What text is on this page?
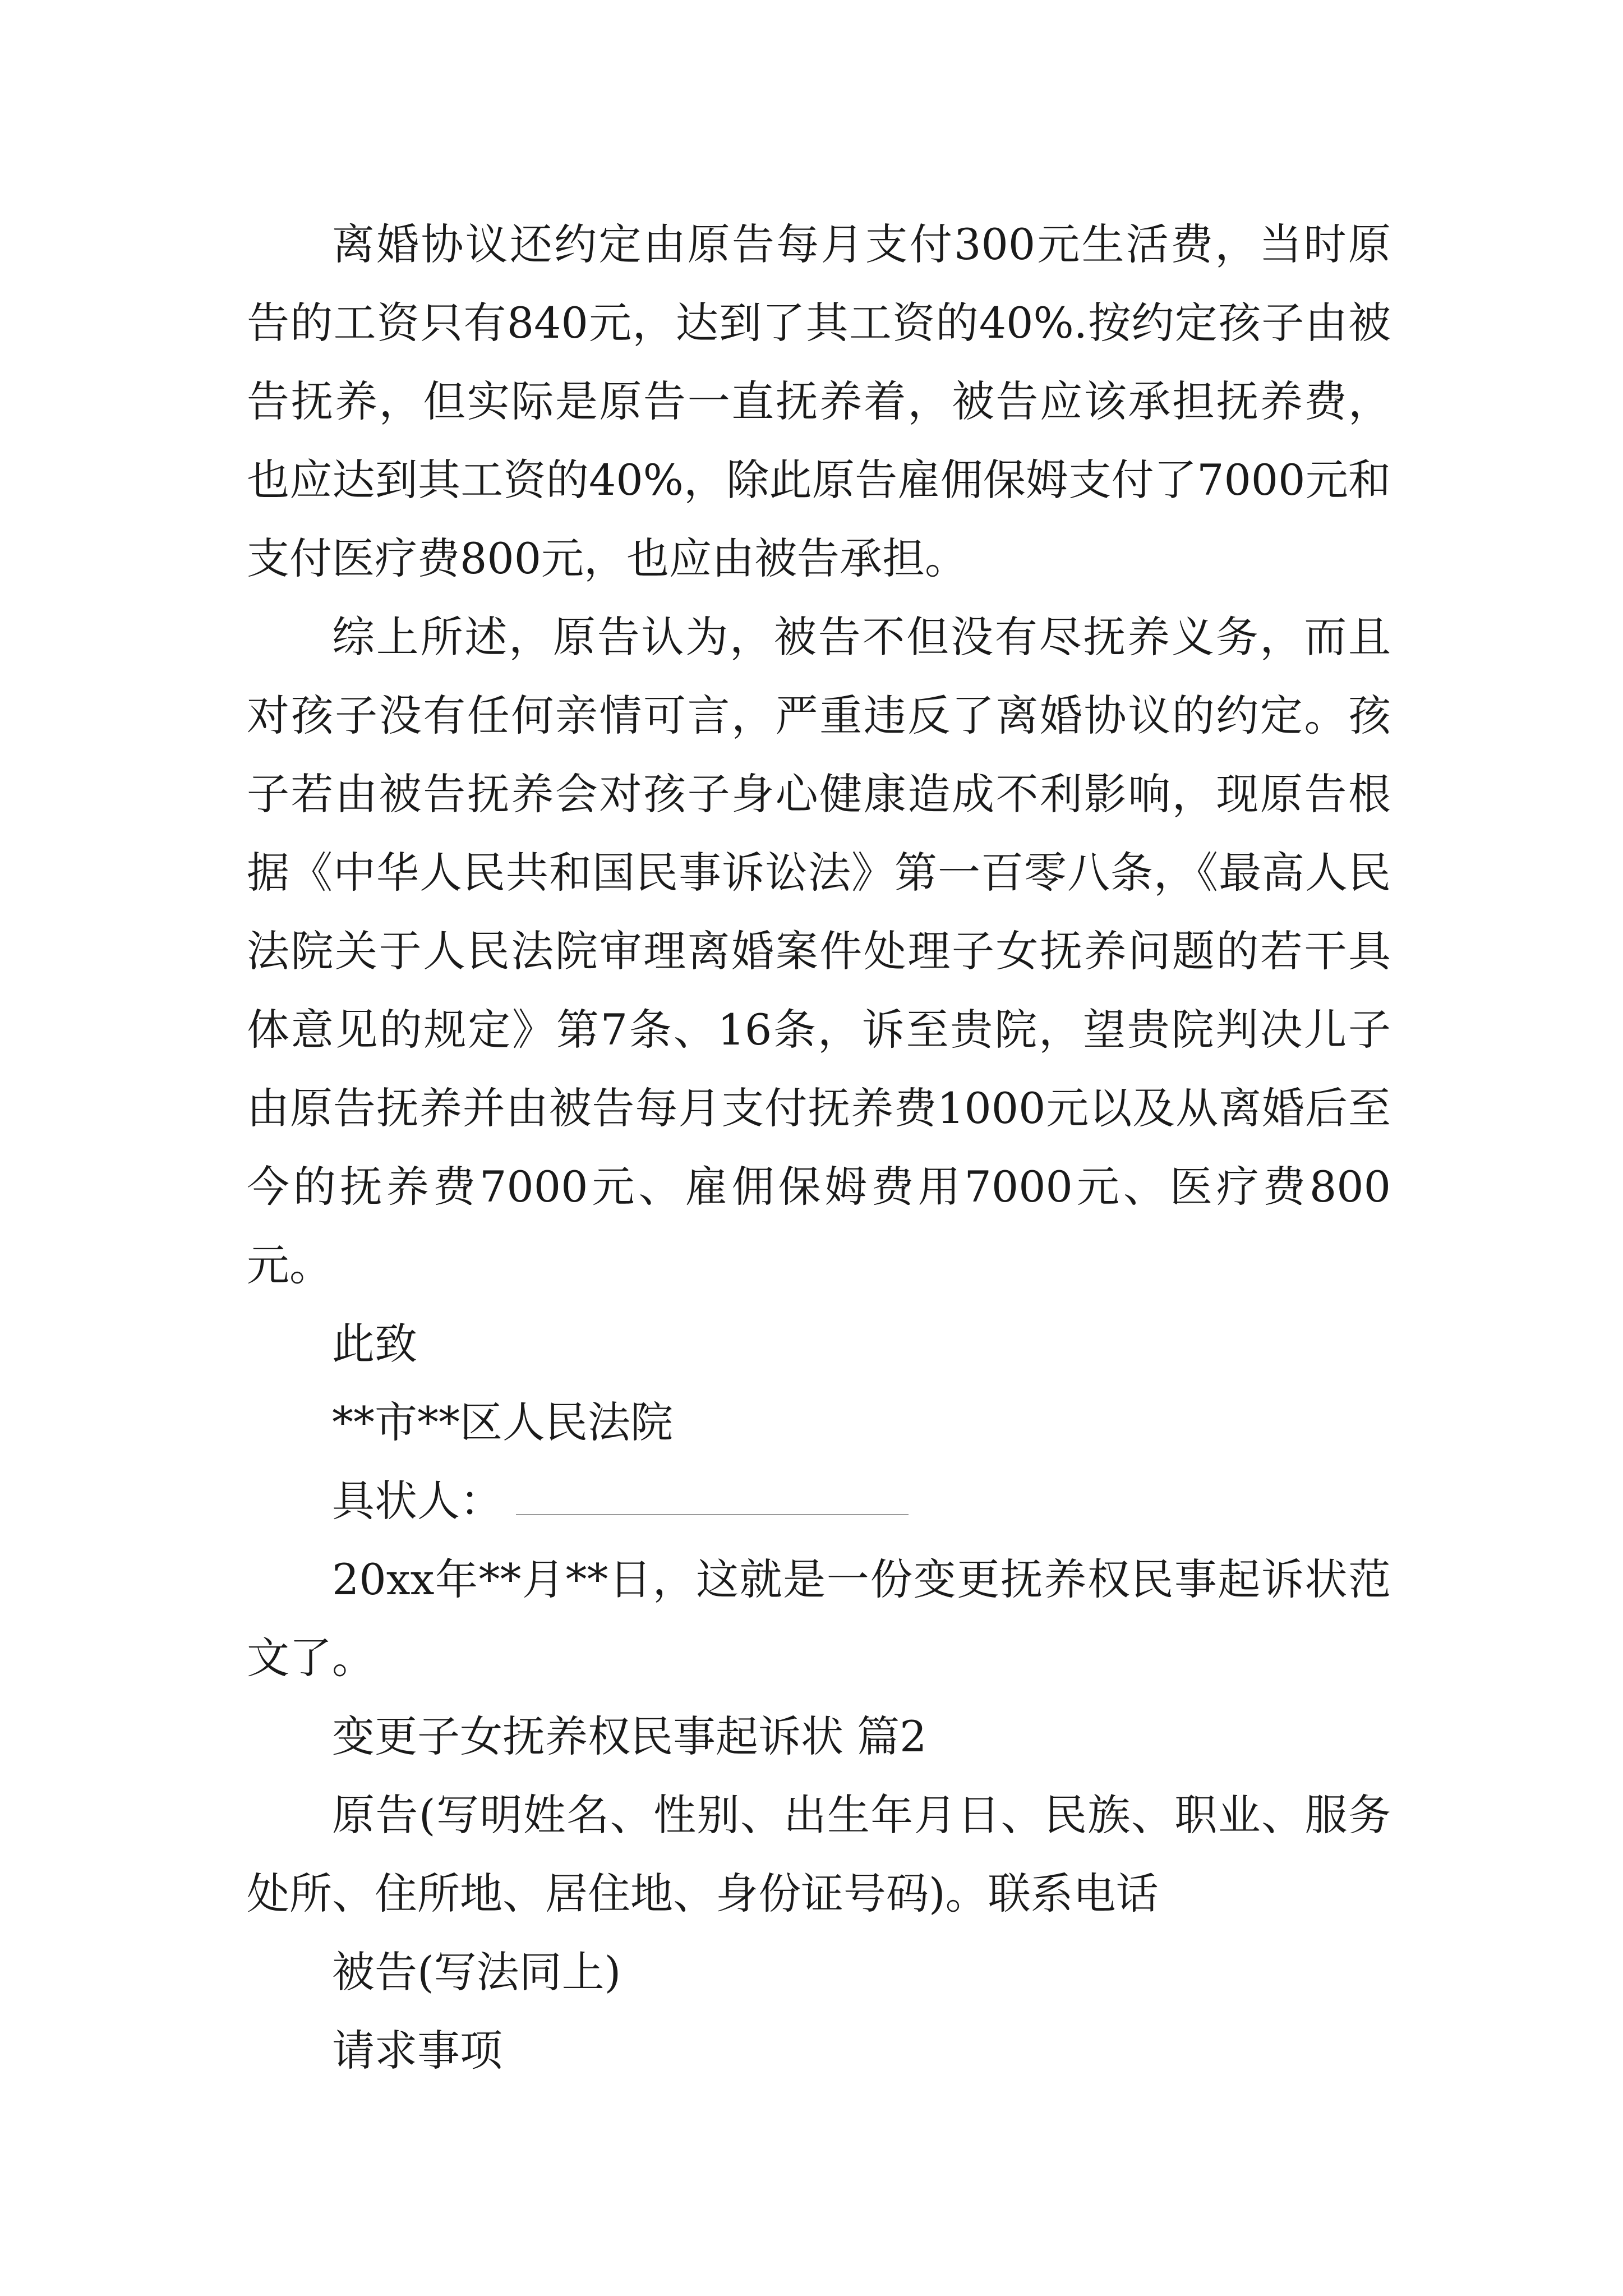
离婚协议还约定由原告每月支付300元生活费，当时原告的工资只有840元，达到了其工资的40%.按约定孩子由被告抚养，但实际是原告一直抚养着，被告应该承担抚养费，也应达到其工资的40%，除此原告雇佣保姆支付了7000元和支付医疗费800元，也应由被告承担。

综上所述，原告认为，被告不但没有尽抚养义务，而且对孩子没有任何亲情可言，严重违反了离婚协议的约定。孩子若由被告抚养会对孩子身心健康造成不利影响，现原告根据《中华人民共和国民事诉讼法》第一百零八条，《最高人民法院关于人民法院审理离婚案件处理子女抚养问题的若干具体意见的规定》第7条、16条，诉至贵院，望贵院判决儿子由原告抚养并由被告每月支付抚养费1000元以及从离婚后至今的抚养费7000元、雇佣保姆费用7000元、医疗费800元。

此致

**市**区人民法院

具状人：

20xx年**月**日，这就是一份变更抚养权民事起诉状范文了。

变更子女抚养权民事起诉状 篇2

原告(写明姓名、性别、出生年月日、民族、职业、服务处所、住所地、居住地、身份证号码)。联系电话

被告(写法同上)

请求事项
